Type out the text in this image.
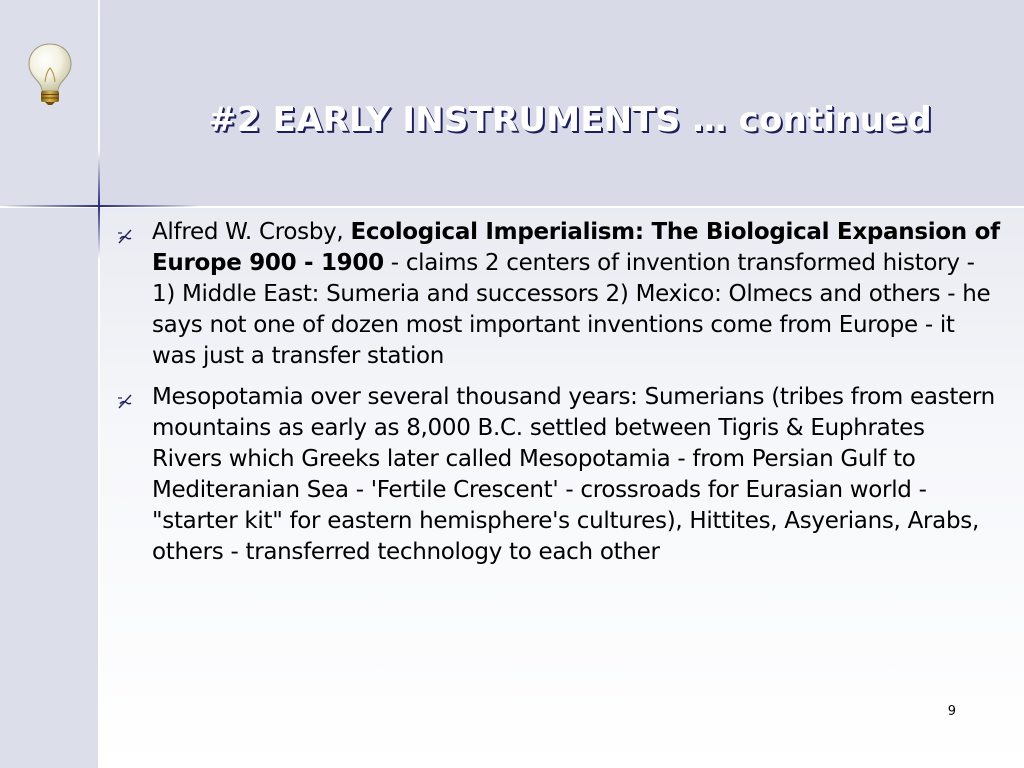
#2 EARLY INSTRUMENTS … continued
Alfred W. Crosby, Ecological Imperialism: The Biological Expansion of Europe 900 - 1900 - claims 2 centers of invention transformed history - 1) Middle East: Sumeria and successors 2) Mexico: Olmecs and others - he says not one of dozen most important inventions come from Europe - it was just a transfer station
Mesopotamia over several thousand years: Sumerians (tribes from eastern mountains as early as 8,000 B.C. settled between Tigris & Euphrates Rivers which Greeks later called Mesopotamia - from Persian Gulf to Mediteranian Sea - 'Fertile Crescent' - crossroads for Eurasian world - "starter kit" for eastern hemisphere's cultures), Hittites, Asyerians, Arabs, others - transferred technology to each other
9
